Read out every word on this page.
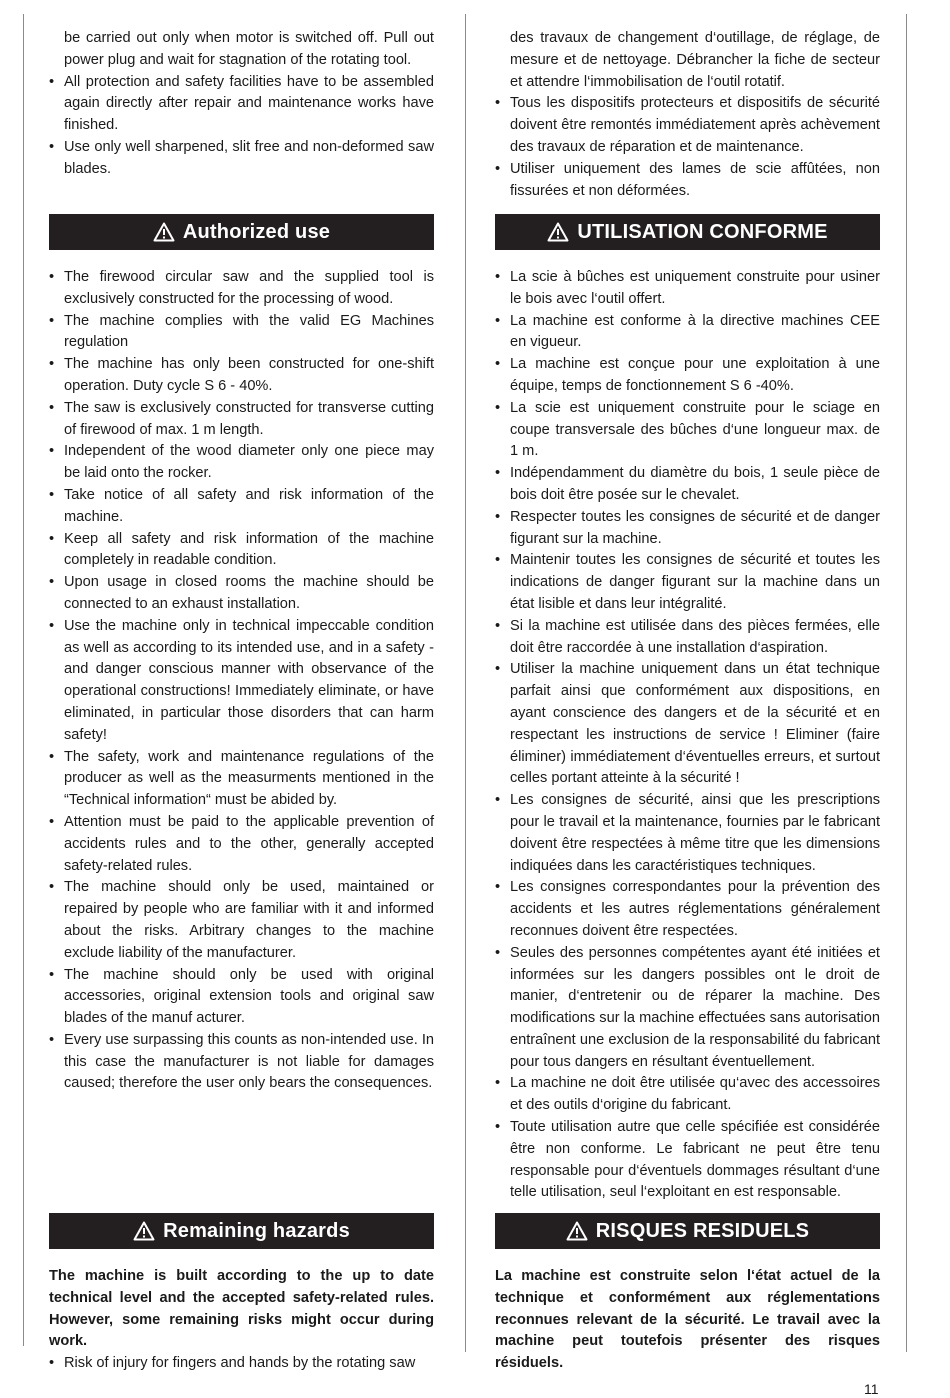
be carried out only when motor is switched off. Pull out power plug and wait for stagnation of the rotating tool.

• All protection and safety facilities have to be assembled again directly after repair and maintenance works have finished.
• Use only well sharpened, slit free and non-deformed saw blades.

des travaux de changement d‘outillage, de réglage, de mesure et de nettoyage. Débrancher la fiche de secteur et attendre l‘immobilisation de l‘outil rotatif.

• Tous les dispositifs protecteurs et dispositifs de sécurité doivent être remontés immédiatement après achèvement des travaux de réparation et de maintenance.
• Utiliser uniquement des lames de scie affûtées, non fissurées et non déformées.
Authorized use	UTILISATION CONFORME
• The firewood circular saw and the supplied tool is exclusively constructed for the processing of wood.
• The machine complies with the valid EG Machines regulation
• The machine has only been constructed for one-shift operation. Duty cycle S 6 - 40%.
• The saw is exclusively constructed for transverse cutting of firewood of max. 1 m length.
• Independent of the wood diameter only one piece may be laid onto the rocker.
• Take notice of all safety and risk information of the machine.
• Keep all safety and risk information of the machine completely in readable condition.
• Upon usage in closed rooms the machine should be connected to an exhaust installation.
• Use the machine only in technical impeccable condition as well as according to its intended use, and in a safety - and danger conscious manner with observance of the operational constructions! Immediately eliminate, or have eliminated, in particular those disorders that can harm safety!
• The safety, work and maintenance regulations of the producer as well as the measurments mentioned in the “Technical information“ must be abided by.
• Attention must be paid to the applicable prevention of accidents rules and to the other, generally accepted safety-related rules.
• The machine should only be used, maintained or repaired by people who are familiar with it and informed about the risks. Arbitrary changes to the machine exclude liability of the manufacturer.
• The machine should only be used with original accessories, original extension tools and original saw blades of the manuf acturer.
• Every use surpassing this counts as non-intended use. In this case the manufacturer is not liable for damages caused; therefore the user only bears the consequences.
• La scie à bûches est uniquement construite pour usiner le bois avec l‘outil offert.
• La machine est conforme à la directive machines CEE en vigueur.
• La machine est conçue pour une exploitation à une équipe, temps de fonctionnement S 6 -40%.
• La scie est uniquement construite pour le sciage en coupe transversale des bûches d‘une longueur max. de 1 m.
• Indépendamment du diamètre du bois, 1 seule pièce de bois doit être posée sur le chevalet.
• Respecter toutes les consignes de sécurité et de danger figurant sur la machine.
• Maintenir toutes les consignes de sécurité et toutes les indications de danger figurant sur la machine dans un état lisible et dans leur intégralité.
• Si la machine est utilisée dans des pièces fermées, elle doit être raccordée à une installation d‘aspiration.
• Utiliser la machine uniquement dans un état technique parfait ainsi que conformément aux dispositions, en ayant conscience des dangers et de la sécurité et en respectant les instructions de service ! Eliminer (faire éliminer) immédiatement d‘éventuelles erreurs, et surtout celles portant atteinte à la sécurité !
• Les consignes de sécurité, ainsi que les prescriptions pour le travail et la maintenance, fournies par le fabricant doivent être respectées à même titre que les dimensions indiquées dans les caractéristiques techniques.
• Les consignes correspondantes pour la prévention des accidents et les autres réglementations généralement reconnues doivent être respectées.
• Seules des personnes compétentes ayant été initiées et informées sur les dangers possibles ont le droit de manier, d‘entretenir ou de réparer la machine. Des modifications sur la machine effectuées sans autorisation entraînent une exclusion de la responsabilité du fabricant pour tous dangers en résultant éventuellement.
• La machine ne doit être utilisée qu‘avec des accessoires et des outils d‘origine du fabricant.
• Toute utilisation autre que celle spécifiée est considérée être non conforme. Le fabricant ne peut être tenu responsable pour d‘éventuels dommages résultant d‘une telle utilisation, seul l‘exploitant en est responsable.
Remaining hazards	RISQUES RESIDUELS

The machine is built according to the up to date technical level and the accepted safety-related rules. However, some remaining risks might occur during work.

• Risk of injury for fingers and hands by the rotating saw

La machine est construite selon l‘état actuel de la technique et conformément aux réglementations reconnues relevant de la sécurité. Le travail avec la machine peut toutefois présenter des risques résiduels.

11
